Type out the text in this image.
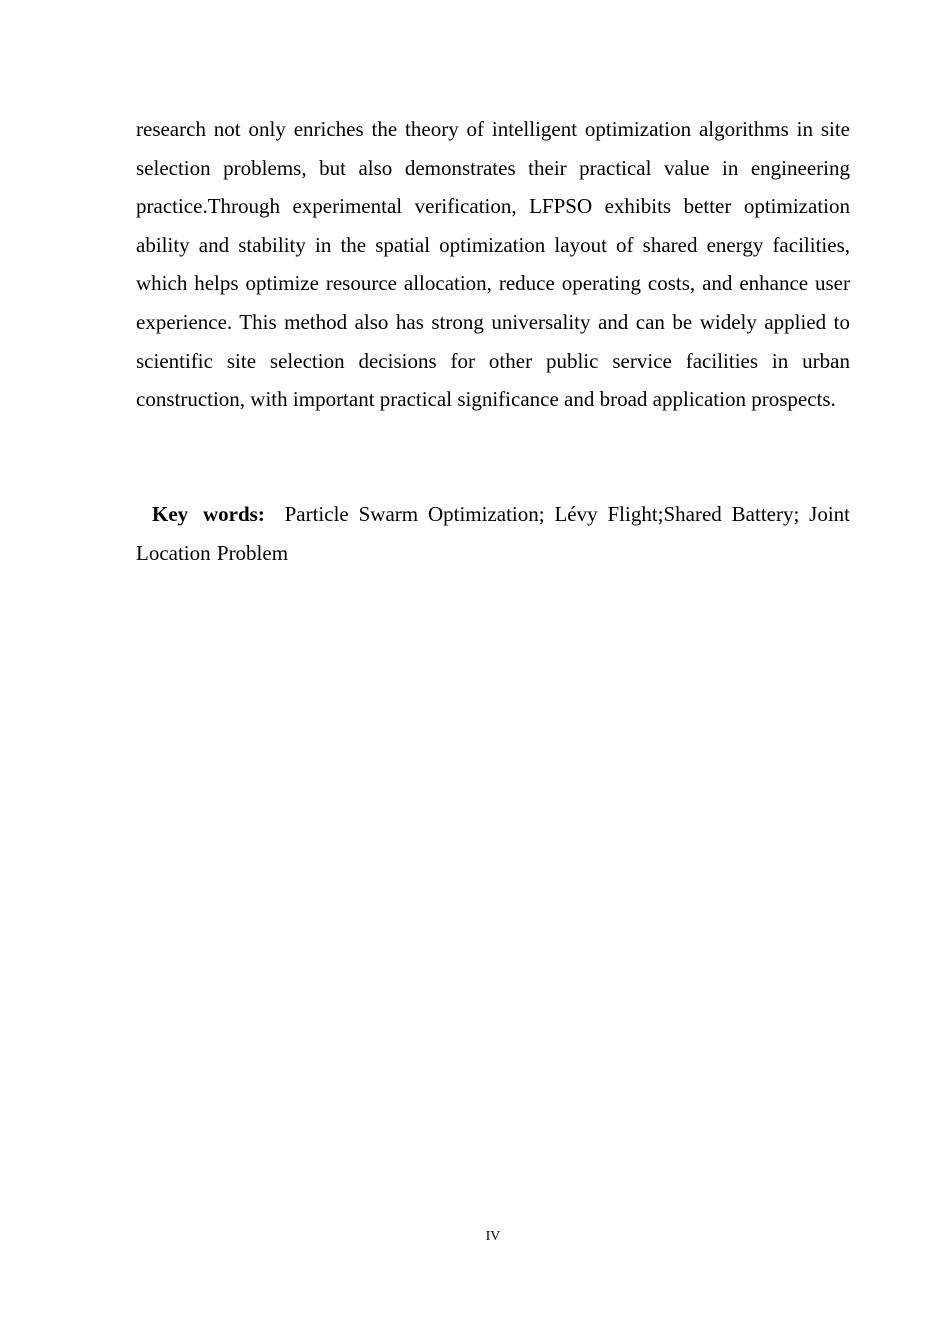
research not only enriches the theory of intelligent optimization algorithms in site selection problems, but also demonstrates their practical value in engineering practice.Through experimental verification, LFPSO exhibits better optimization ability and stability in the spatial optimization layout of shared energy facilities, which helps optimize resource allocation, reduce operating costs, and enhance user experience. This method also has strong universality and can be widely applied to scientific site selection decisions for other public service facilities in urban construction, with important practical significance and broad application prospects.

Key words: Particle Swarm Optimization; Lévy Flight;Shared Battery; Joint Location Problem

IV
